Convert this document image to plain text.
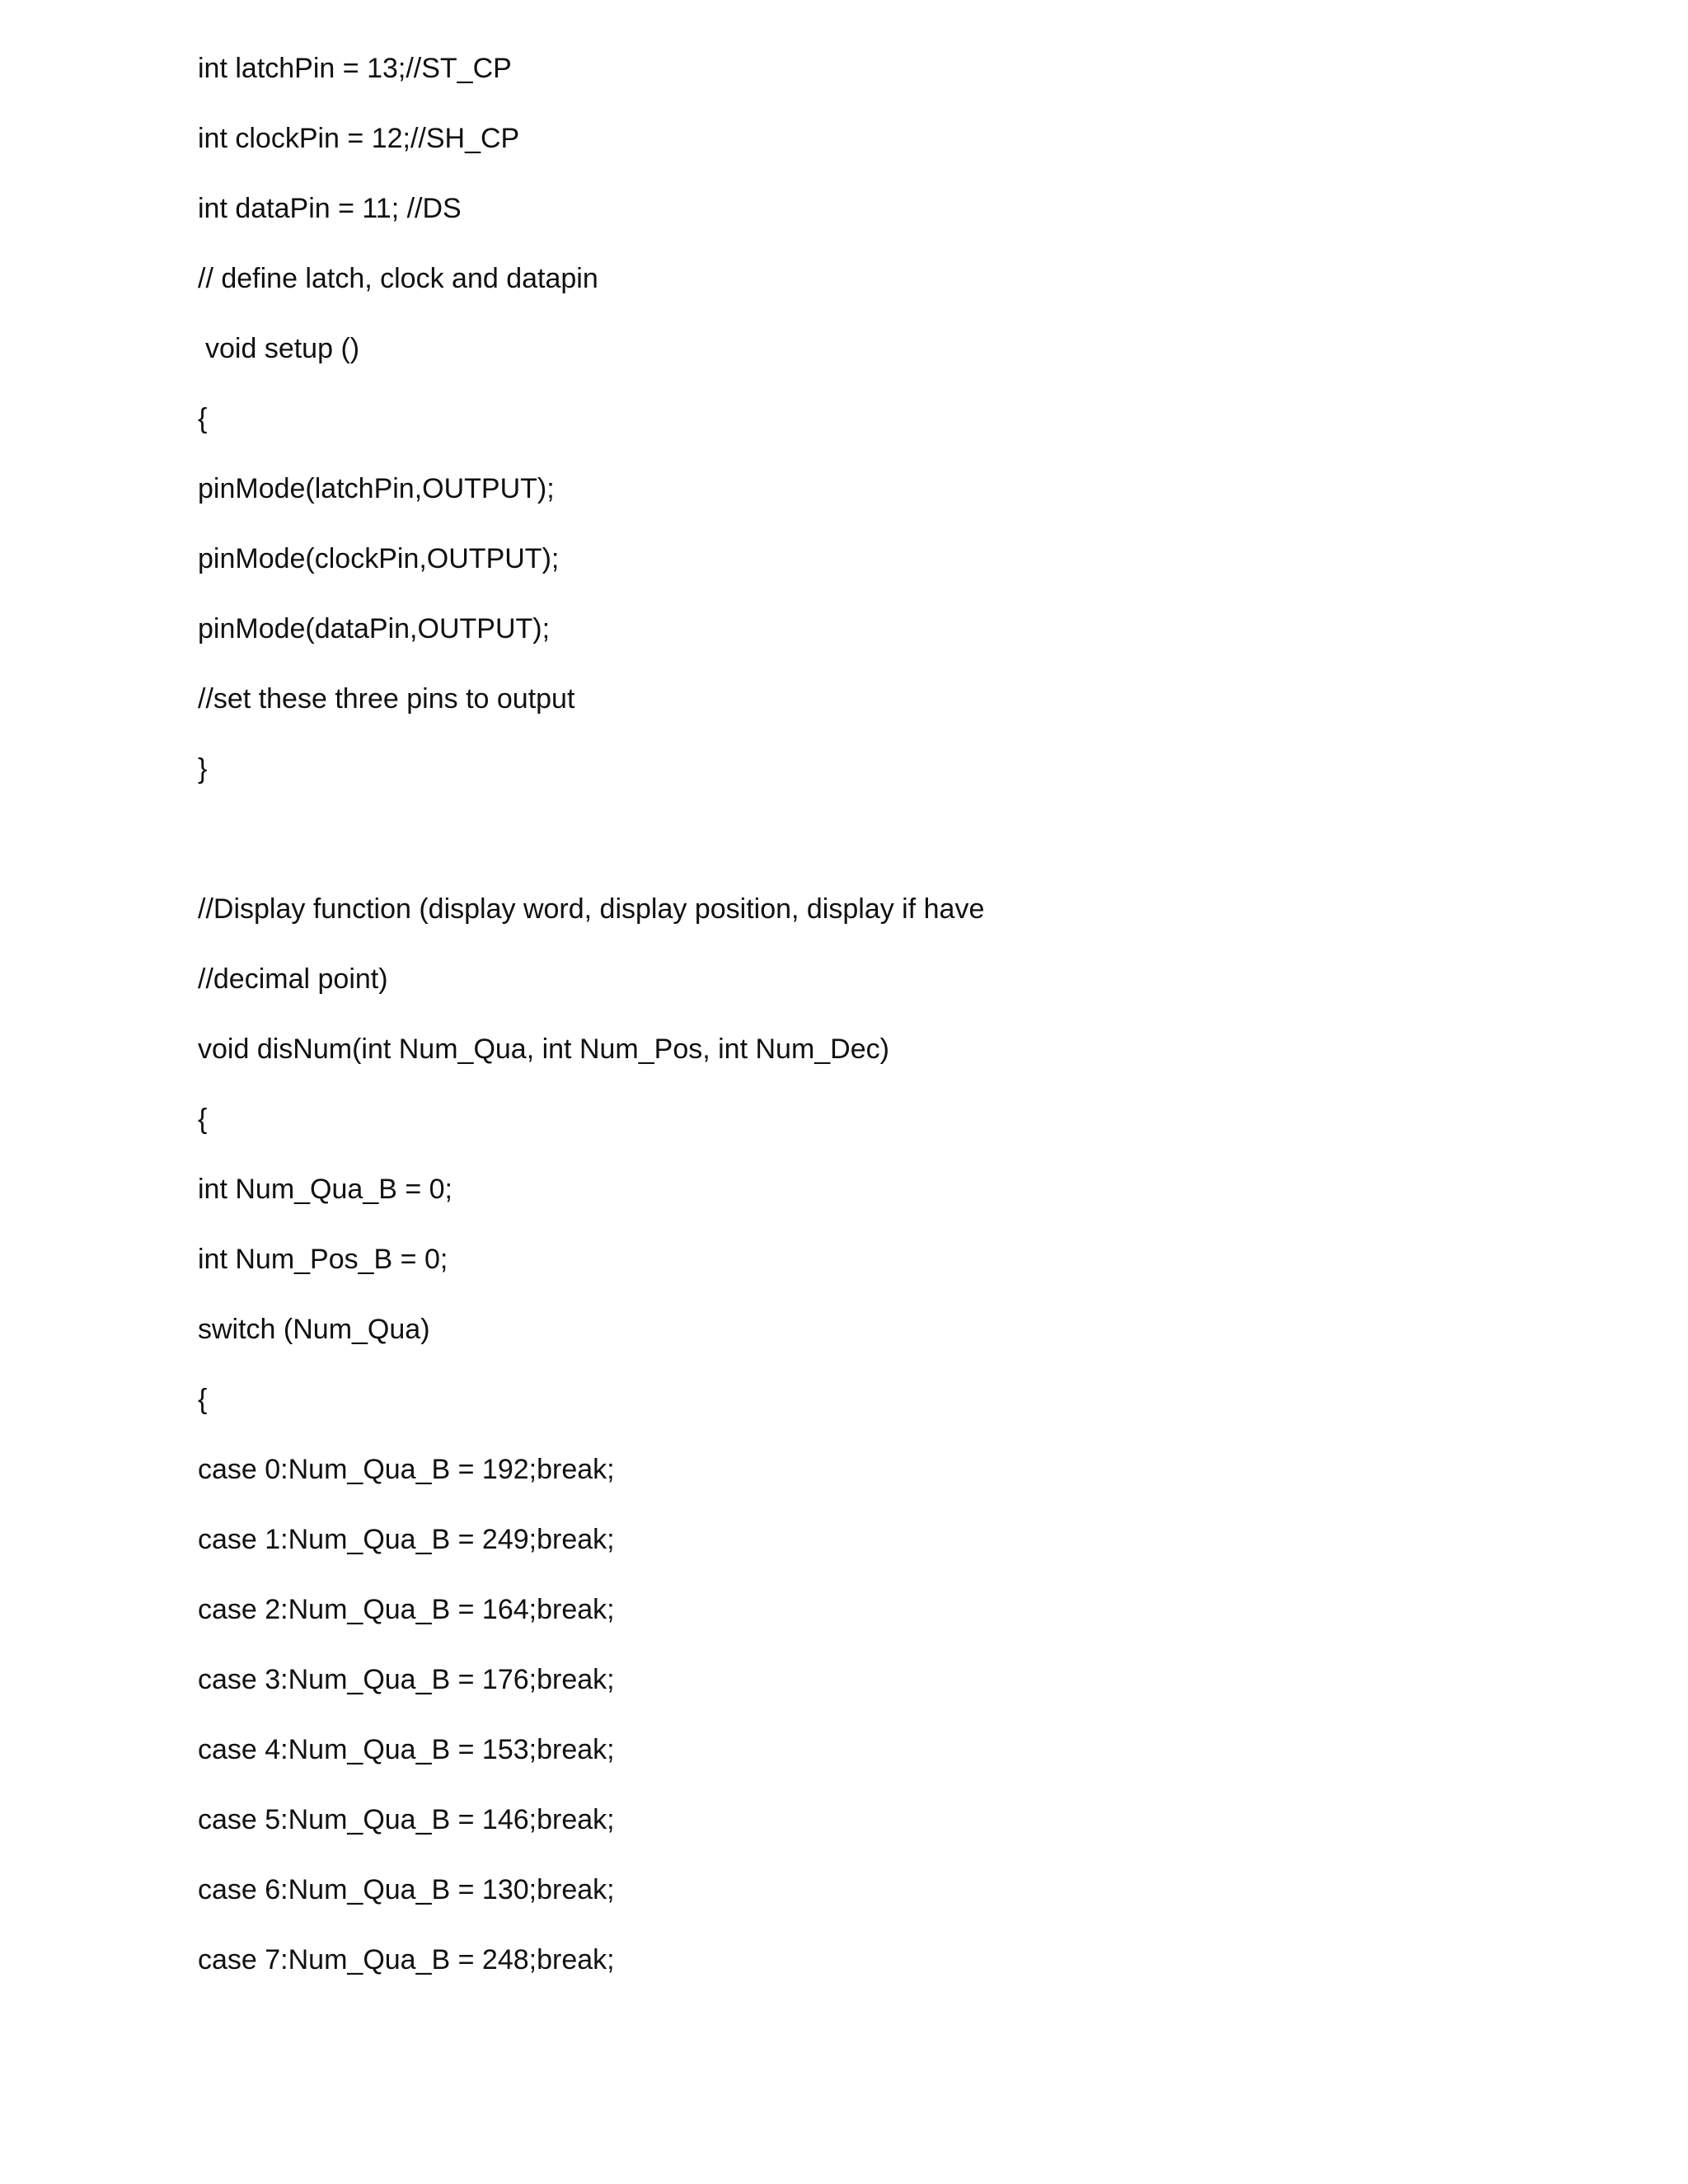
int latchPin = 13;//ST_CP
int clockPin = 12;//SH_CP
int dataPin = 11; //DS
// define latch, clock and datapin
void setup ()
{
pinMode(latchPin,OUTPUT);
pinMode(clockPin,OUTPUT);
pinMode(dataPin,OUTPUT);
//set these three pins to output
}
//Display function (display word, display position, display if have
//decimal point)
void disNum(int Num_Qua, int Num_Pos, int Num_Dec)
{
int Num_Qua_B = 0;
int Num_Pos_B = 0;
switch (Num_Qua)
{
case 0:Num_Qua_B = 192;break;
case 1:Num_Qua_B = 249;break;
case 2:Num_Qua_B = 164;break;
case 3:Num_Qua_B = 176;break;
case 4:Num_Qua_B = 153;break;
case 5:Num_Qua_B = 146;break;
case 6:Num_Qua_B = 130;break;
case 7:Num_Qua_B = 248;break;
